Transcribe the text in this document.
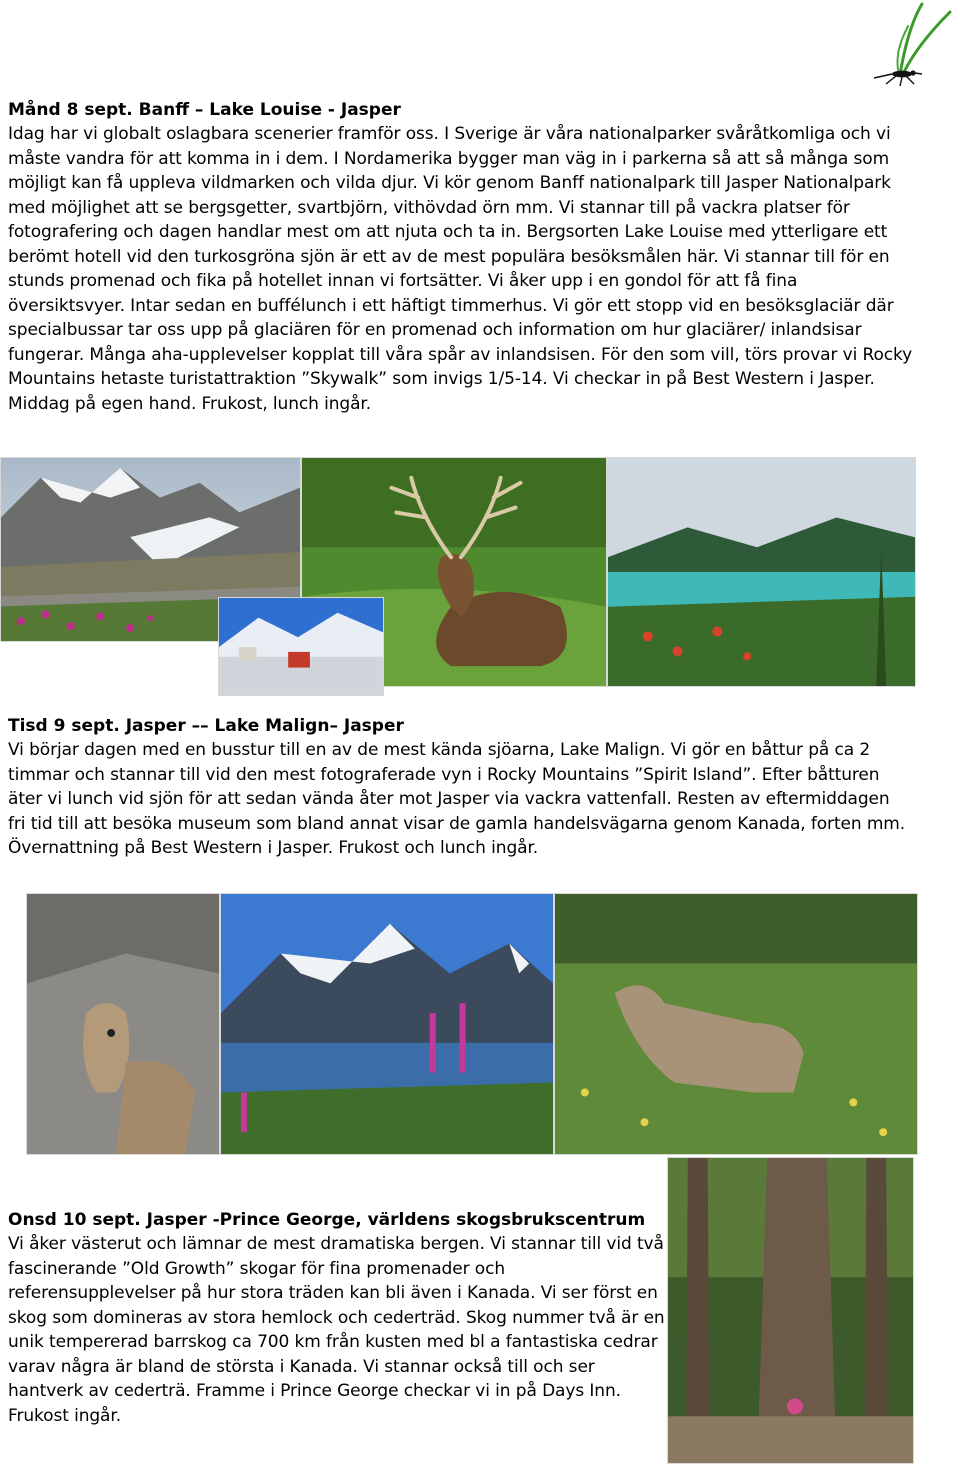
Månd 8 sept. Banff – Lake Louise - Jasper

Idag har vi globalt oslagbara scenerier framför oss. I Sverige är våra nationalparker svåråtkomliga och vi måste vandra för att komma in i dem. I Nordamerika bygger man väg in i parkerna så att så många som möjligt kan få uppleva vildmarken och vilda djur. Vi kör genom Banff nationalpark till Jasper Nationalpark med möjlighet att se bergsgetter, svartbjörn, vithövdad örn mm. Vi stannar till på vackra platser för fotografering och dagen handlar mest om att njuta och ta in. Bergsorten Lake Louise med ytterligare ett berömt hotell vid den turkosgröna sjön är ett av de mest populära besöksmålen här. Vi stannar till för en stunds promenad och fika på hotellet innan vi fortsätter. Vi åker upp i en gondol för att få fina översiktsvyer. Intar sedan en buffélunch i ett häftigt timmerhus. Vi gör ett stopp vid en besöksglaciär där specialbussar tar oss upp på glaciären för en promenad och information om hur glaciärer/ inlandsisar fungerar. Många aha-upplevelser kopplat till våra spår av inlandsisen. För den som vill, törs provar vi Rocky Mountains hetaste turistattraktion ”Skywalk” som invigs 1/5-14. Vi checkar in på Best Western i Jasper. Middag på egen hand. Frukost, lunch ingår.

Tisd 9 sept. Jasper –– Lake Malign– Jasper

Vi börjar dagen med en busstur till en av de mest kända sjöarna, Lake Malign. Vi gör en båttur på ca 2 timmar och stannar till vid den mest fotograferade vyn i Rocky Mountains ”Spirit Island”. Efter båtturen äter vi lunch vid sjön för att sedan vända åter mot Jasper via vackra vattenfall. Resten av eftermiddagen fri tid till att besöka museum som bland annat visar de gamla handelsvägarna genom Kanada, forten mm. Övernattning på Best Western i Jasper. Frukost och lunch ingår.

Onsd 10 sept. Jasper -Prince George, världens skogsbrukscentrum

Vi åker västerut och lämnar de mest dramatiska bergen. Vi stannar till vid två fascinerande ”Old Growth” skogar för fina promenader och referensupplevelser på hur stora träden kan bli även i Kanada. Vi ser först en skog som domineras av stora hemlock och cederträd. Skog nummer två är en unik tempererad barrskog ca 700 km från kusten med bl a fantastiska cedrar varav några är bland de största i Kanada. Vi stannar också till och ser hantverk av cederträ. Framme i Prince George checkar vi in på Days Inn. Frukost ingår.
